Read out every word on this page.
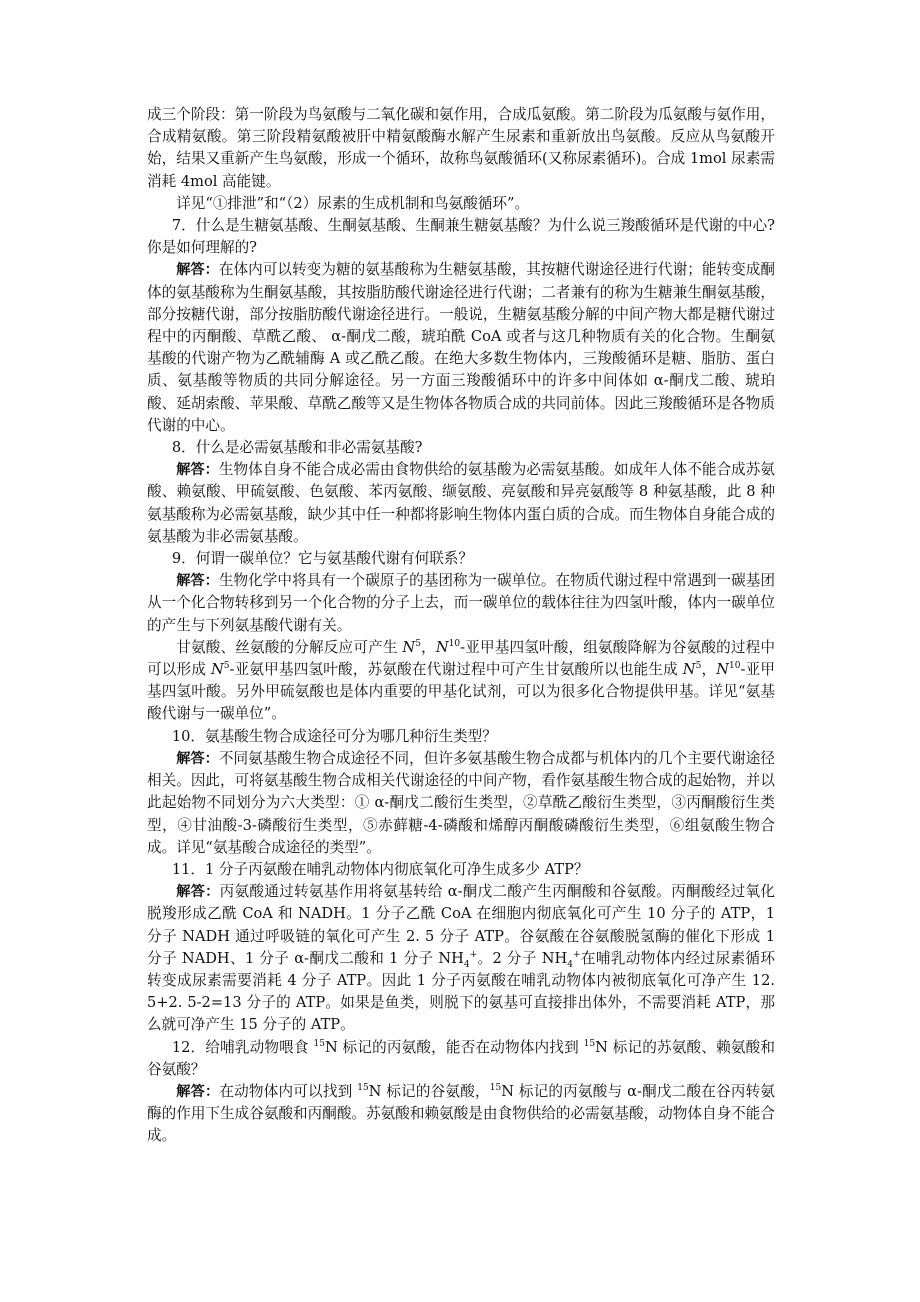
成三个阶段：第一阶段为鸟氨酸与二氧化碳和氨作用，合成瓜氨酸。第二阶段为瓜氨酸与氨作用，合成精氨酸。第三阶段精氨酸被肝中精氨酸酶水解产生尿素和重新放出鸟氨酸。反应从鸟氨酸开始，结果又重新产生鸟氨酸，形成一个循环，故称鸟氨酸循环(又称尿素循环)。合成 1mol 尿素需消耗 4mol 高能键。

详见“①排泄”和“（2）尿素的生成机制和鸟氨酸循环”。

7．什么是生糖氨基酸、生酮氨基酸、生酮兼生糖氨基酸？为什么说三羧酸循环是代谢的中心?你是如何理解的?

解答：在体内可以转变为糖的氨基酸称为生糖氨基酸，其按糖代谢途径进行代谢；能转变成酮体的氨基酸称为生酮氨基酸，其按脂肪酸代谢途径进行代谢；二者兼有的称为生糖兼生酮氨基酸，部分按糖代谢，部分按脂肪酸代谢途径进行。一般说，生糖氨基酸分解的中间产物大都是糖代谢过程中的丙酮酸、草酰乙酸、 α-酮戊二酸，琥珀酰 CoA 或者与这几种物质有关的化合物。生酮氨基酸的代谢产物为乙酰辅酶 A 或乙酰乙酸。在绝大多数生物体内，三羧酸循环是糖、脂肪、蛋白质、氨基酸等物质的共同分解途径。另一方面三羧酸循环中的许多中间体如 α-酮戊二酸、琥珀酸、延胡索酸、苹果酸、草酰乙酸等又是生物体各物质合成的共同前体。因此三羧酸循环是各物质代谢的中心。

8．什么是必需氨基酸和非必需氨基酸?

解答：生物体自身不能合成必需由食物供给的氨基酸为必需氨基酸。如成年人体不能合成苏氨酸、赖氨酸、甲硫氨酸、色氨酸、苯丙氨酸、缬氨酸、亮氨酸和异亮氨酸等 8 种氨基酸，此 8 种氨基酸称为必需氨基酸，缺少其中任一种都将影响生物体内蛋白质的合成。而生物体自身能合成的氨基酸为非必需氨基酸。

9．何谓一碳单位？它与氨基酸代谢有何联系？

解答：生物化学中将具有一个碳原子的基团称为一碳单位。在物质代谢过程中常遇到一碳基团从一个化合物转移到另一个化合物的分子上去，而一碳单位的载体往往为四氢叶酸，体内一碳单位的产生与下列氨基酸代谢有关。

甘氨酸、丝氨酸的分解反应可产生 $N^5$，$N^{10}-$亚甲基四氢叶酸，组氨酸降解为谷氨酸的过程中可以形成 $N^5-$亚氨甲基四氢叶酸，苏氨酸在代谢过程中可产生甘氨酸所以也能生成 $N^5$，$N^{10}-$亚甲基四氢叶酸。另外甲硫氨酸也是体内重要的甲基化试剂，可以为很多化合物提供甲基。详见“氨基酸代谢与一碳单位”。

10．氨基酸生物合成途径可分为哪几种衍生类型？

解答：不同氨基酸生物合成途径不同，但许多氨基酸生物合成都与机体内的几个主要代谢途径相关。因此，可将氨基酸生物合成相关代谢途径的中间产物，看作氨基酸生物合成的起始物，并以此起始物不同划分为六大类型：① α-酮戊二酸衍生类型，②草酰乙酸衍生类型，③丙酮酸衍生类型，④甘油酸-3-磷酸衍生类型，⑤赤藓糖-4-磷酸和烯醇丙酮酸磷酸衍生类型，⑥组氨酸生物合成。详见“氨基酸合成途径的类型”。

11．1 分子丙氨酸在哺乳动物体内彻底氧化可净生成多少 ATP？

解答：丙氨酸通过转氨基作用将氨基转给 α-酮戊二酸产生丙酮酸和谷氨酸。丙酮酸经过氧化脱羧形成乙酰 CoA 和 NADH。1 分子乙酰 CoA 在细胞内彻底氧化可产生 10 分子的 ATP，1 分子 NADH 通过呼吸链的氧化可产生 2. 5 分子 ATP。谷氨酸在谷氨酸脱氢酶的催化下形成 1 分子 NADH、1 分子 α-酮戊二酸和 1 分子 $NH_4^+$。2 分子 $NH_4^+$在哺乳动物体内经过尿素循环转变成尿素需要消耗 4 分子 ATP。因此 1 分子丙氨酸在哺乳动物体内被彻底氧化可净产生 12. 5+2. 5-2=13 分子的 ATP。如果是鱼类，则脱下的氨基可直接排出体外，不需要消耗 ATP，那么就可净产生 15 分子的 ATP。

12．给哺乳动物喂食 $^{15}$N 标记的丙氨酸，能否在动物体内找到 $^{15}$N 标记的苏氨酸、赖氨酸和谷氨酸？

解答：在动物体内可以找到 $^{15}$N 标记的谷氨酸，$^{15}$N 标记的丙氨酸与 α-酮戊二酸在谷丙转氨酶的作用下生成谷氨酸和丙酮酸。苏氨酸和赖氨酸是由食物供给的必需氨基酸，动物体自身不能合成。
